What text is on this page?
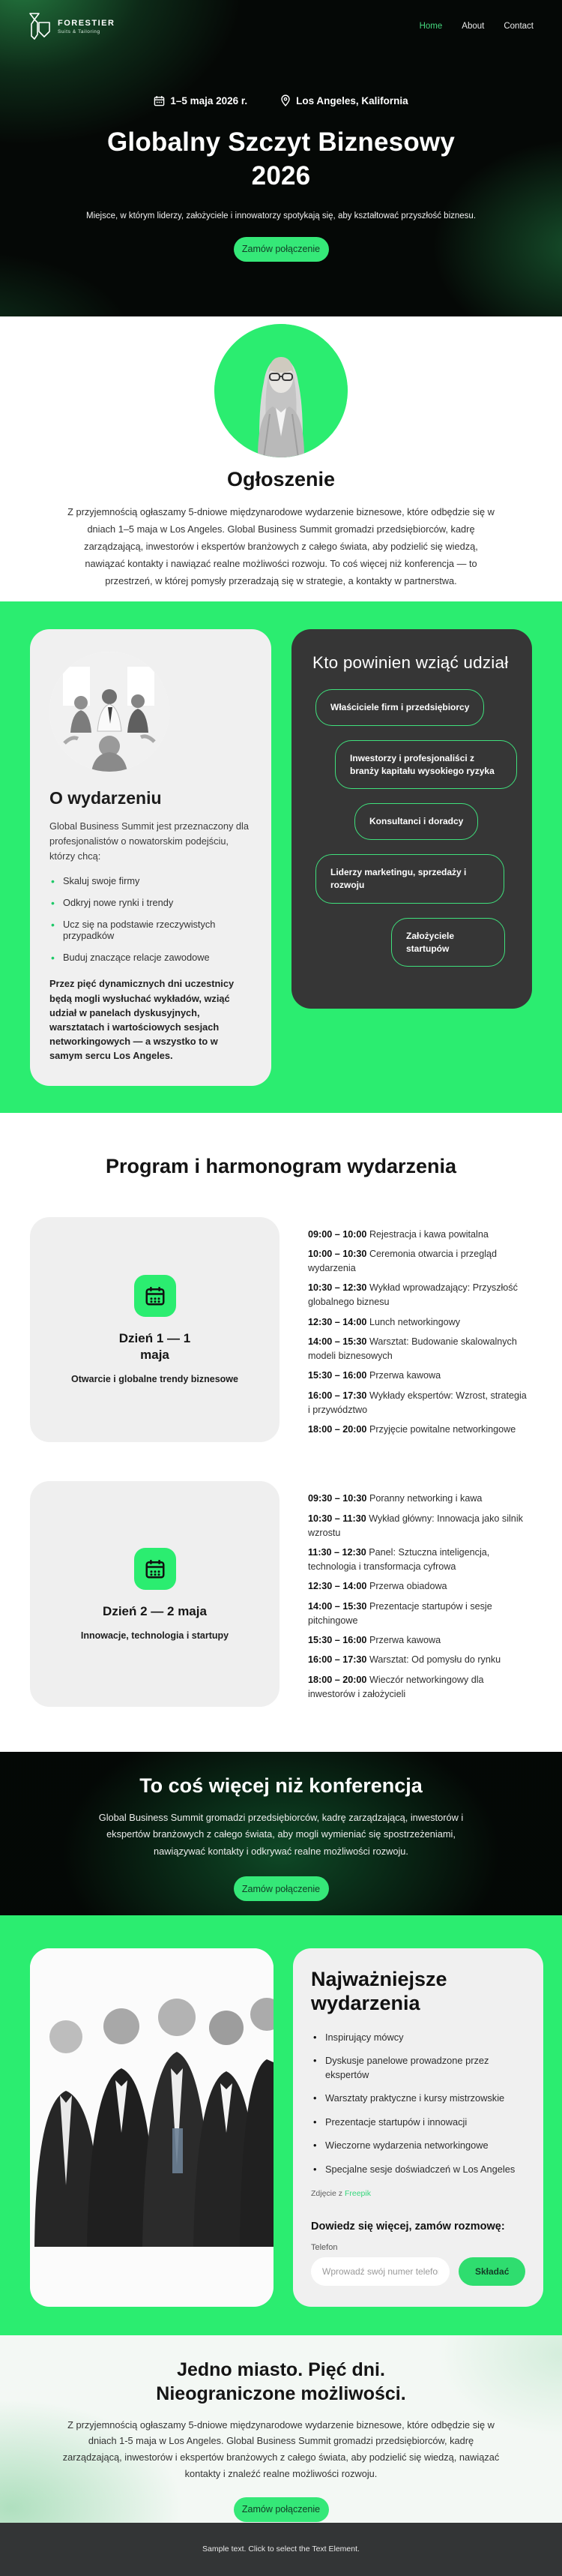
FORESTIER
Suits & Tailoring
Home About Contact
1–5 maja 2026 r.	Los Angeles, Kalifornia
Globalny Szczyt Biznesowy 2026

Miejsce, w którym liderzy, założyciele i innowatorzy spotykają się, aby kształtować przyszłość biznesu.

Zamów połączenie
Ogłoszenie

Z przyjemnością ogłaszamy 5-dniowe międzynarodowe wydarzenie biznesowe, które odbędzie się w dniach 1–5 maja w Los Angeles. Global Business Summit gromadzi przedsiębiorców, kadrę zarządzającą, inwestorów i ekspertów branżowych z całego świata, aby podzielić się wiedzą, nawiązać kontakty i nawiązać realne możliwości rozwoju. To coś więcej niż konferencja — to przestrzeń, w której pomysły przeradzają się w strategie, a kontakty w partnerstwa.

O wydarzeniu

Global Business Summit jest przeznaczony dla profesjonalistów o nowatorskim podejściu, którzy chcą:

• Skaluj swoje firmy
• Odkryj nowe rynki i trendy
• Ucz się na podstawie rzeczywistych przypadków
• Buduj znaczące relacje zawodowe

Przez pięć dynamicznych dni uczestnicy będą mogli wysłuchać wykładów, wziąć udział w panelach dyskusyjnych, warsztatach i wartościowych sesjach networkingowych — a wszystko to w samym sercu Los Angeles.

Kto powinien wziąć udział
Właściciele firm i przedsiębiorcy
Inwestorzy i profesjonaliści z branży kapitału wysokiego ryzyka
Konsultanci i doradcy
Liderzy marketingu, sprzedaży i rozwoju
Założyciele startupów
Program i harmonogram wydarzenia
Dzień 1 — 1 maja
Otwarcie i globalne trendy biznesowe
09:00 – 10:00 Rejestracja i kawa powitalna
10:00 – 10:30 Ceremonia otwarcia i przegląd wydarzenia
10:30 – 12:30 Wykład wprowadzający: Przyszłość globalnego biznesu
12:30 – 14:00 Lunch networkingowy
14:00 – 15:30 Warsztat: Budowanie skalowalnych modeli biznesowych
15:30 – 16:00 Przerwa kawowa
16:00 – 17:30 Wykłady ekspertów: Wzrost, strategia i przywództwo
18:00 – 20:00 Przyjęcie powitalne networkingowe
Dzień 2 — 2 maja
Innowacje, technologia i startupy
09:30 – 10:30 Poranny networking i kawa
10:30 – 11:30 Wykład główny: Innowacja jako silnik wzrostu
11:30 – 12:30 Panel: Sztuczna inteligencja, technologia i transformacja cyfrowa
12:30 – 14:00 Przerwa obiadowa
14:00 – 15:30 Prezentacje startupów i sesje pitchingowe
15:30 – 16:00 Przerwa kawowa
16:00 – 17:30 Warsztat: Od pomysłu do rynku
18:00 – 20:00 Wieczór networkingowy dla inwestorów i założycieli
To coś więcej niż konferencja

Global Business Summit gromadzi przedsiębiorców, kadrę zarządzającą, inwestorów i ekspertów branżowych z całego świata, aby mogli wymieniać się spostrzeżeniami, nawiązywać kontakty i odkrywać realne możliwości rozwoju.

Zamów połączenie
Najważniejsze wydarzenia
• Inspirujący mówcy
• Dyskusje panelowe prowadzone przez ekspertów
• Warsztaty praktyczne i kursy mistrzowskie
• Prezentacje startupów i innowacji
• Wieczorne wydarzenia networkingowe
• Specjalne sesje doświadczeń w Los Angeles
Zdjęcie z Freepik
Dowiedz się więcej, zamów rozmowę:
Telefon
Wprowadź swój numer telefonu (np. +141555
Składać
Jedno miasto. Pięć dni. Nieograniczone możliwości.

Z przyjemnością ogłaszamy 5-dniowe międzynarodowe wydarzenie biznesowe, które odbędzie się w dniach 1-5 maja w Los Angeles. Global Business Summit gromadzi przedsiębiorców, kadrę zarządzającą, inwestorów i ekspertów branżowych z całego świata, aby podzielić się wiedzą, nawiązać kontakty i znaleźć realne możliwości rozwoju.

Zamów połączenie

Sample text. Click to select the Text Element.
